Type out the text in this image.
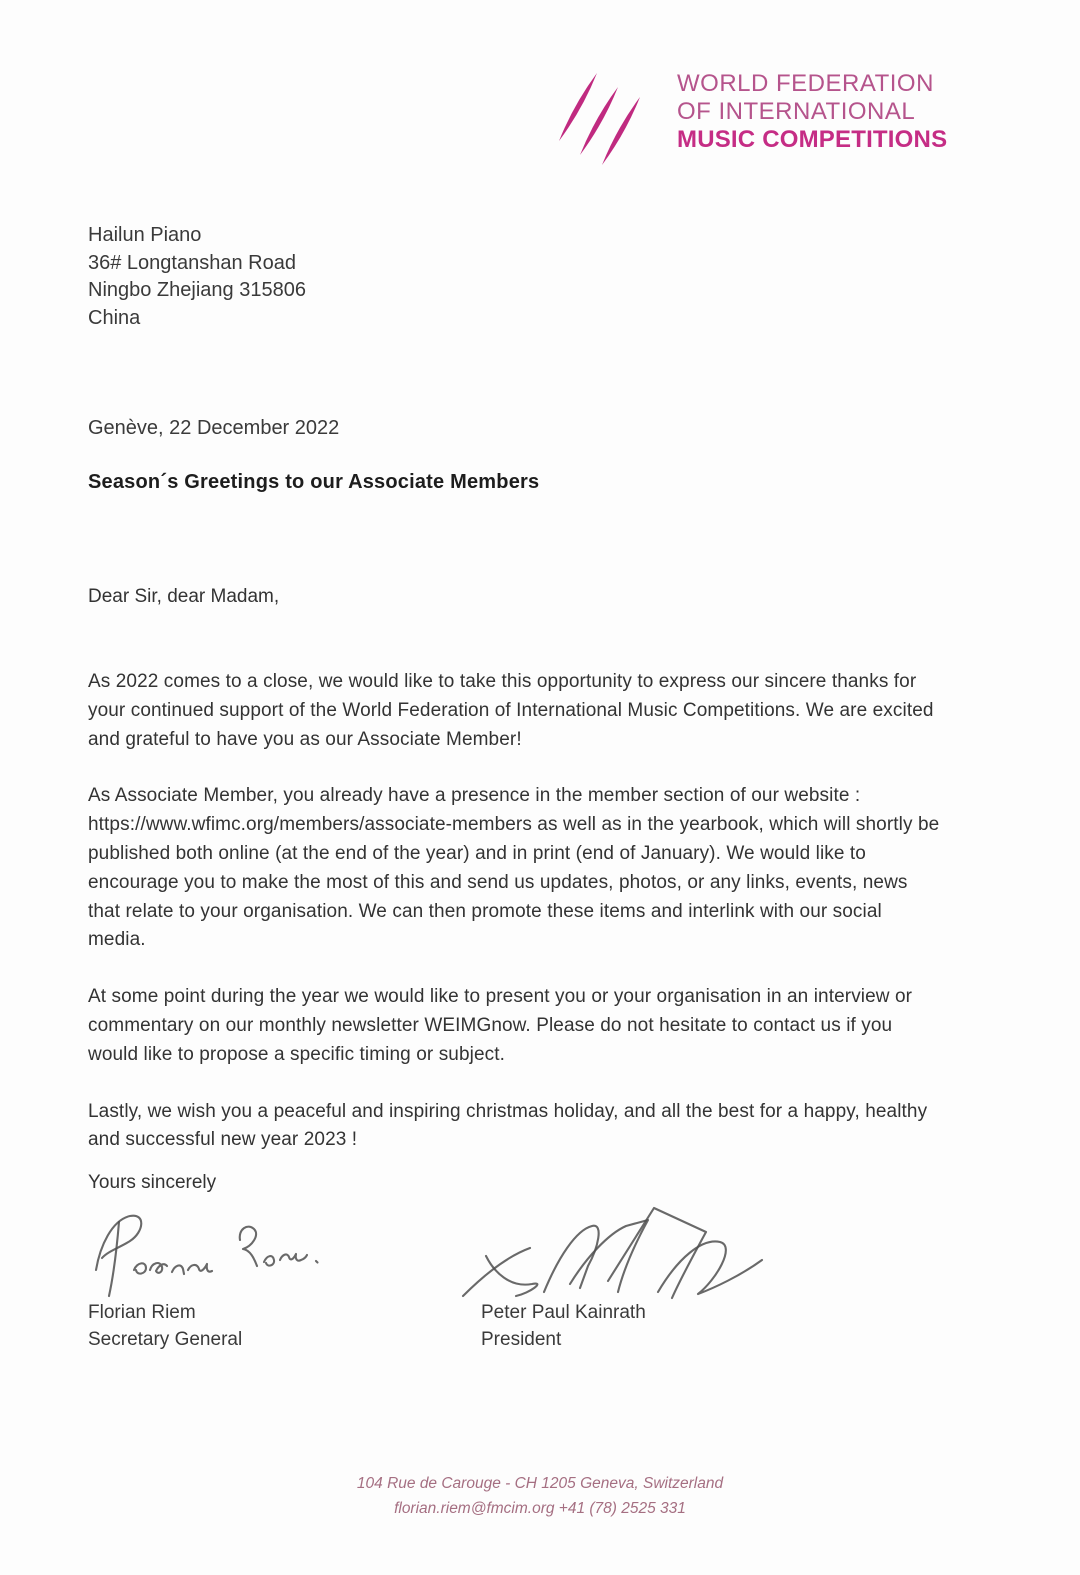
WORLD FEDERATION
OF INTERNATIONAL
MUSIC COMPETITIONS
Hailun Piano
36# Longtanshan Road
Ningbo Zhejiang 315806
China
Genève, 22 December 2022
Season´s Greetings to our Associate Members
Dear Sir, dear Madam,

As 2022 comes to a close, we would like to take this opportunity to express our sincere thanks for your continued support of the World Federation of International Music Competitions. We are excited and grateful to have you as our Associate Member!

As Associate Member, you already have a presence in the member section of our website : https://www.wfimc.org/members/associate-members as well as in the yearbook, which will shortly be published both online (at the end of the year) and in print (end of January). We would like to encourage you to make the most of this and send us updates, photos, or any links, events, news that relate to your organisation. We can then promote these items and interlink with our social media.

At some point during the year we would like to present you or your organisation in an interview or commentary on our monthly newsletter WEIMGnow. Please do not hesitate to contact us if you would like to propose a specific timing or subject.

Lastly, we wish you a peaceful and inspiring christmas holiday, and all the best for a happy, healthy and successful new year 2023 !

Yours sincerely
Florian Riem
Secretary General
Peter Paul Kainrath
President
104 Rue de Carouge - CH 1205 Geneva, Switzerland
florian.riem@fmcim.org +41 (78) 2525 331
